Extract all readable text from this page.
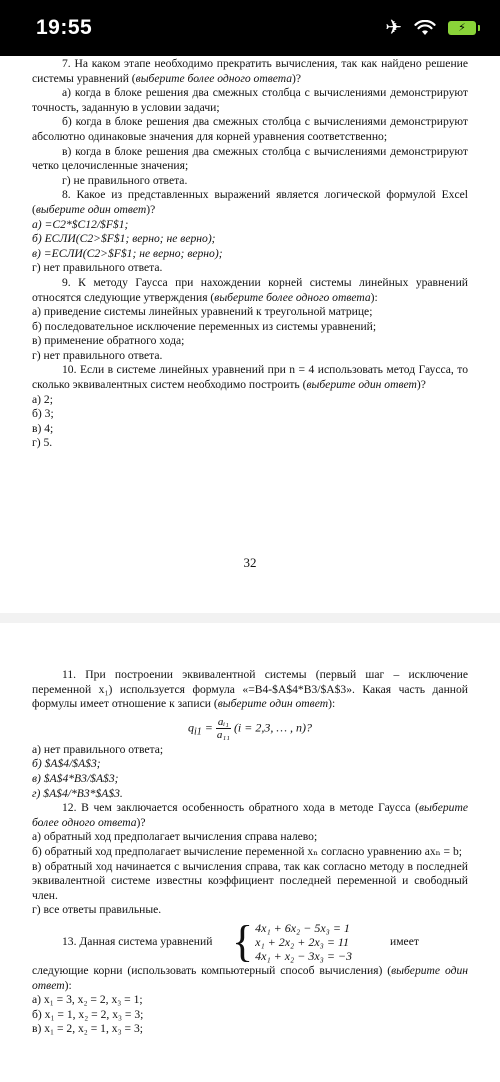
19:55	✈	⚡

7. На каком этапе необходимо прекратить вычисления, так как найдено решение системы уравнений (выберите более одного ответа)?

а) когда в блоке решения два смежных столбца с вычислениями демонстрируют точность, заданную в условии задачи;

б) когда в блоке решения два смежных столбца с вычислениями демонстрируют абсолютно одинаковые значения для корней уравнения соответственно;

в) когда в блоке решения два смежных столбца с вычислениями демонстрируют четко целочисленные значения;

г) не правильного ответа.

8. Какое из представленных выражений является логической формулой Excel (выберите один ответ)?

а) =C2*$C12/$F$1;

б) ЕСЛИ(C2>$F$1; верно; не верно);

в) =ЕСЛИ(C2>$F$1; не верно; верно);

г) нет правильного ответа.

9. К методу Гаусса при нахождении корней системы линейных уравнений относятся следующие утверждения (выберите более одного ответа):

а) приведение системы линейных уравнений к треугольной матрице;

б) последовательное исключение переменных из системы уравнений;

в) применение обратного хода;

г) нет правильного ответа.

10. Если в системе линейных уравнений при n = 4 использовать метод Гаусса, то сколько эквивалентных систем необходимо построить (выберите один ответ)?

а) 2;

б) 3;

в) 4;

г) 5.

32

11. При построении эквивалентной системы (первый шаг – исключение переменной x₁) используется формула «=B4-$A$4*B3/$A$3». Какая часть данной формулы имеет отношение к записи (выберите один ответ):

$q_{i1} = \frac{\text{aᵢ₁}}{\text{a₁₁}} (i = 2,3$, … , n)?

а) нет правильного ответа;

б) $A$4/$A$3;

в) $A$4*B3/$A$3;

г) $A$4/*B3*$A$3.

12. В чем заключается особенность обратного хода в методе Гаусса (выберите более одного ответа)?

а) обратный ход предполагает вычисления справа налево;

б) обратный ход предполагает вычисление переменной xₙ согласно уравнению axₙ = b;

в) обратный ход начинается с вычисления справа, так как согласно методу в последней эквивалентной системе известны коэффициент последней переменной и свободный член.

г) все ответы правильные.

13. Данная система уравнений { 4x₁ + 6x₂ − 5x₃ = 1
x₁ + 2x₂ + 2x₃ = 11
4x₁ + x₂ − 3x₃ = −3
имеет

следующие корни (использовать компьютерный способ вычисления) (выберите один ответ):

а) x₁ = 3, x₂ = 2, x₃ = 1;

б) x₁ = 1, x₂ = 2, x₃ = 3;

в) x₁ = 2, x₂ = 1, x₃ = 3;
